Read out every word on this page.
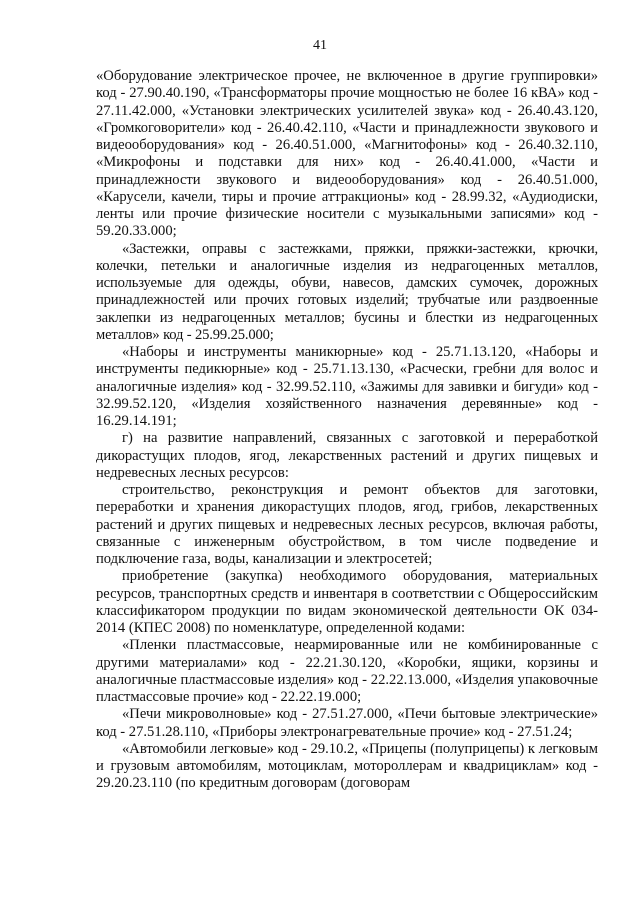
41

«Оборудование электрическое прочее, не включенное в другие группировки» код - 27.90.40.190, «Трансформаторы прочие мощностью не более 16 кВА» код - 27.11.42.000, «Установки электрических усилителей звука» код - 26.40.43.120, «Громкоговорители» код - 26.40.42.110, «Части и принадлежности звукового и видеооборудования» код - 26.40.51.000, «Магнитофоны» код - 26.40.32.110, «Микрофоны и подставки для них» код - 26.40.41.000, «Части и принадлежности звукового и видеооборудования» код - 26.40.51.000, «Карусели, качели, тиры и прочие аттракционы» код - 28.99.32, «Аудиодиски, ленты или прочие физические носители с музыкальными записями» код - 59.20.33.000;

«Застежки, оправы с застежками, пряжки, пряжки-застежки, крючки, колечки, петельки и аналогичные изделия из недрагоценных металлов, используемые для одежды, обуви, навесов, дамских сумочек, дорожных принадлежностей или прочих готовых изделий; трубчатые или раздвоенные заклепки из недрагоценных металлов; бусины и блестки из недрагоценных металлов» код - 25.99.25.000;

«Наборы и инструменты маникюрные» код - 25.71.13.120, «Наборы и инструменты педикюрные» код - 25.71.13.130, «Расчески, гребни для волос и аналогичные изделия» код - 32.99.52.110, «Зажимы для завивки и бигуди» код - 32.99.52.120, «Изделия хозяйственного назначения деревянные» код - 16.29.14.191;

г) на развитие направлений, связанных с заготовкой и переработкой дикорастущих плодов, ягод, лекарственных растений и других пищевых и недревесных лесных ресурсов:

строительство, реконструкция и ремонт объектов для заготовки, переработки и хранения дикорастущих плодов, ягод, грибов, лекарственных растений и других пищевых и недревесных лесных ресурсов, включая работы, связанные с инженерным обустройством, в том числе подведение и подключение газа, воды, канализации и электросетей;

приобретение (закупка) необходимого оборудования, материальных ресурсов, транспортных средств и инвентаря в соответствии с Общероссийским классификатором продукции по видам экономической деятельности ОК 034-2014 (КПЕС 2008) по номенклатуре, определенной кодами:

«Пленки пластмассовые, неармированные или не комбинированные с другими материалами» код - 22.21.30.120, «Коробки, ящики, корзины и аналогичные пластмассовые изделия» код - 22.22.13.000, «Изделия упаковочные пластмассовые прочие» код - 22.22.19.000;

«Печи микроволновые» код - 27.51.27.000, «Печи бытовые электрические» код - 27.51.28.110, «Приборы электронагревательные прочие» код - 27.51.24;

«Автомобили легковые» код - 29.10.2, «Прицепы (полуприцепы) к легковым и грузовым автомобилям, мотоциклам, мотороллерам и квадрициклам» код - 29.20.23.110 (по кредитным договорам (договорам
